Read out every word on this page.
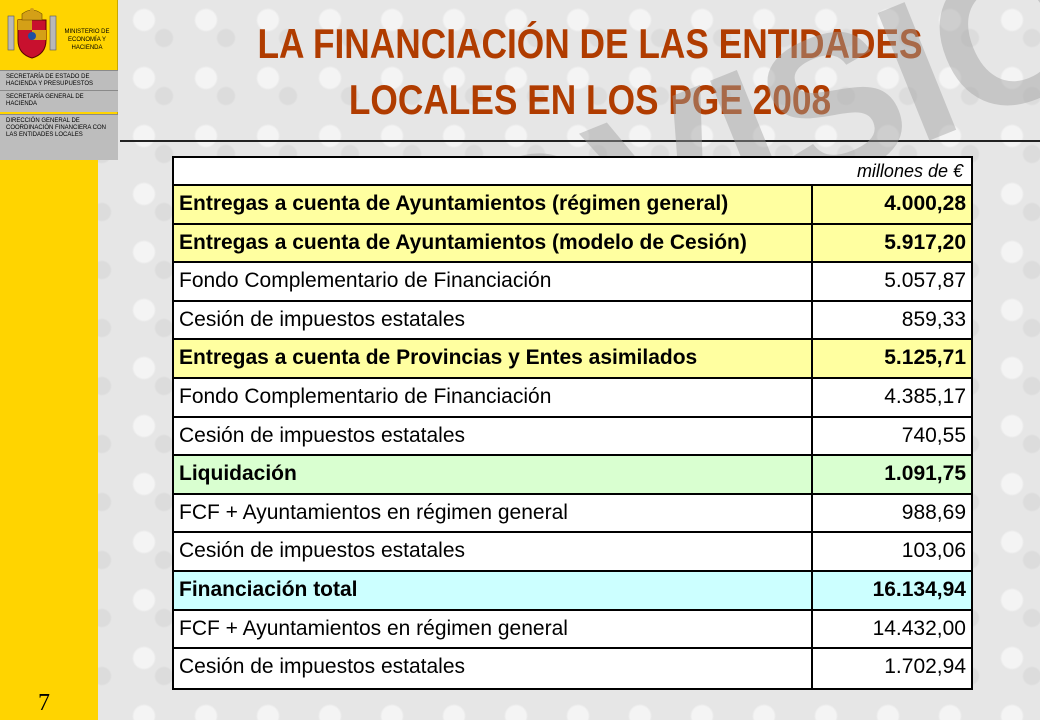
MINISTERIO DE ECONOMÍA Y HACIENDA
SECRETARÍA DE ESTADO DE HACIENDA Y PRESUPUESTOS
SECRETARÍA GENERAL DE HACIENDA
DIRECCIÓN GENERAL DE COORDINACIÓN FINANCIERA CON LAS ENTIDADES LOCALES
LA FINANCIACIÓN DE LAS ENTIDADES
LOCALES EN LOS PGE 2008
millones de €
Entregas a cuenta de Ayuntamientos (régimen general)	4.000,28
Entregas a cuenta de Ayuntamientos (modelo de Cesión)	5.917,20
Fondo Complementario de Financiación	5.057,87
Cesión de impuestos estatales	859,33
Entregas a cuenta de Provincias y Entes asimilados	5.125,71
Fondo Complementario de Financiación	4.385,17
Cesión de impuestos estatales	740,55
Liquidación	1.091,75
FCF + Ayuntamientos en régimen general	988,69
Cesión de impuestos estatales	103,06
Financiación total	16.134,94
FCF + Ayuntamientos en régimen general	14.432,00
Cesión de impuestos estatales	1.702,94
7
